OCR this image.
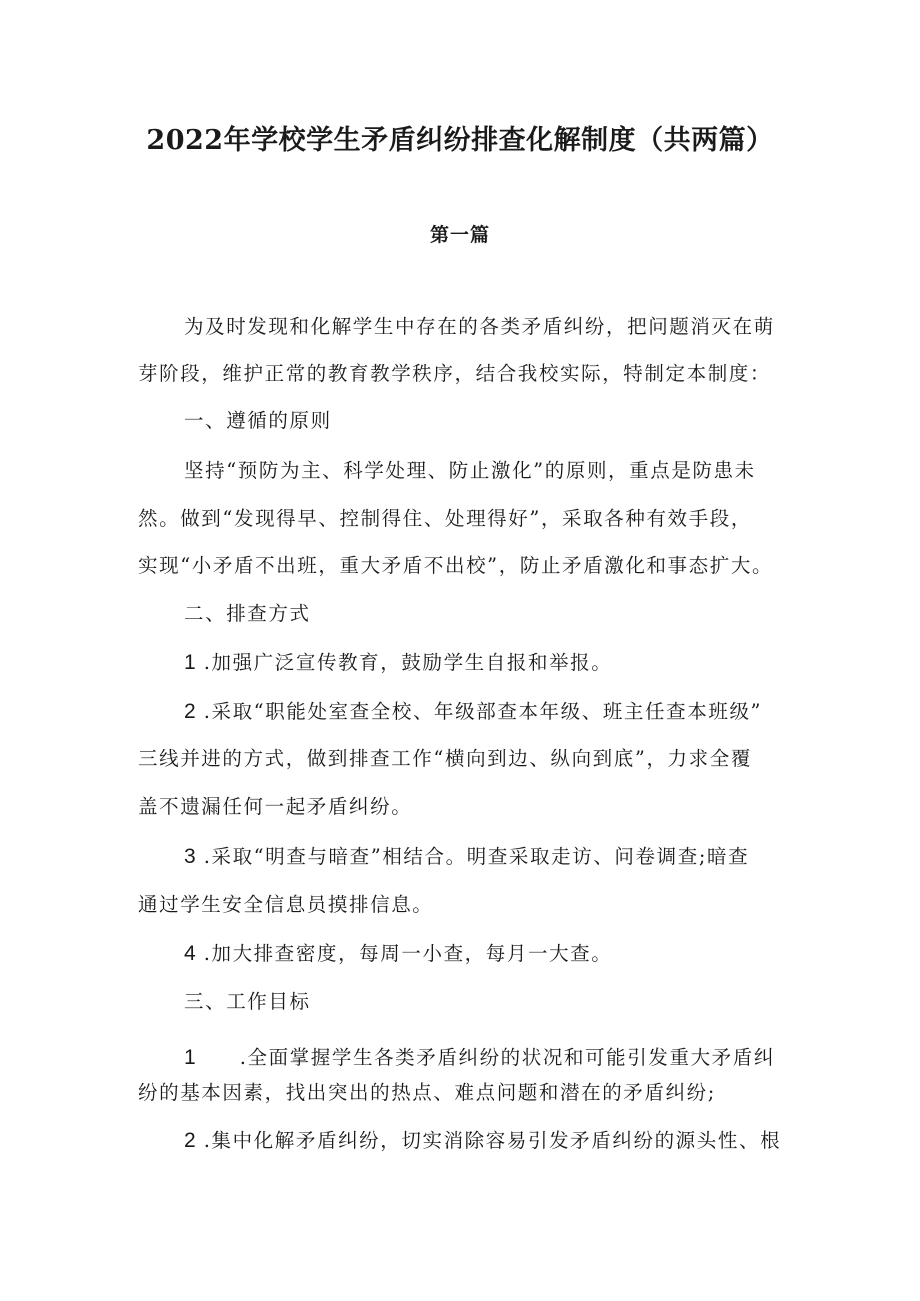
2022年学校学生矛盾纠纷排查化解制度（共两篇）
第一篇
为及时发现和化解学生中存在的各类矛盾纠纷，把问题消灭在萌
芽阶段，维护正常的教育教学秩序，结合我校实际，特制定本制度：
一、遵循的原则
坚持“预防为主、科学处理、防止激化”的原则，重点是防患未
然。做到“发现得早、控制得住、处理得好”，采取各种有效手段，
实现“小矛盾不出班，重大矛盾不出校”，防止矛盾激化和事态扩大。
二、排查方式
1 .加强广泛宣传教育，鼓励学生自报和举报。
2 .采取“职能处室查全校、年级部查本年级、班主任查本班级”
三线并进的方式，做到排查工作“横向到边、纵向到底”，力求全覆
盖不遗漏任何一起矛盾纠纷。
3 .采取“明查与暗查”相结合。明查采取走访、问卷调查;暗查
通过学生安全信息员摸排信息。
4 .加大排查密度，每周一小查，每月一大查。
三、工作目标
1 .全面掌握学生各类矛盾纠纷的状况和可能引发重大矛盾纠
纷的基本因素，找出突出的热点、难点问题和潜在的矛盾纠纷;
2 .集中化解矛盾纠纷，切实消除容易引发矛盾纠纷的源头性、根
